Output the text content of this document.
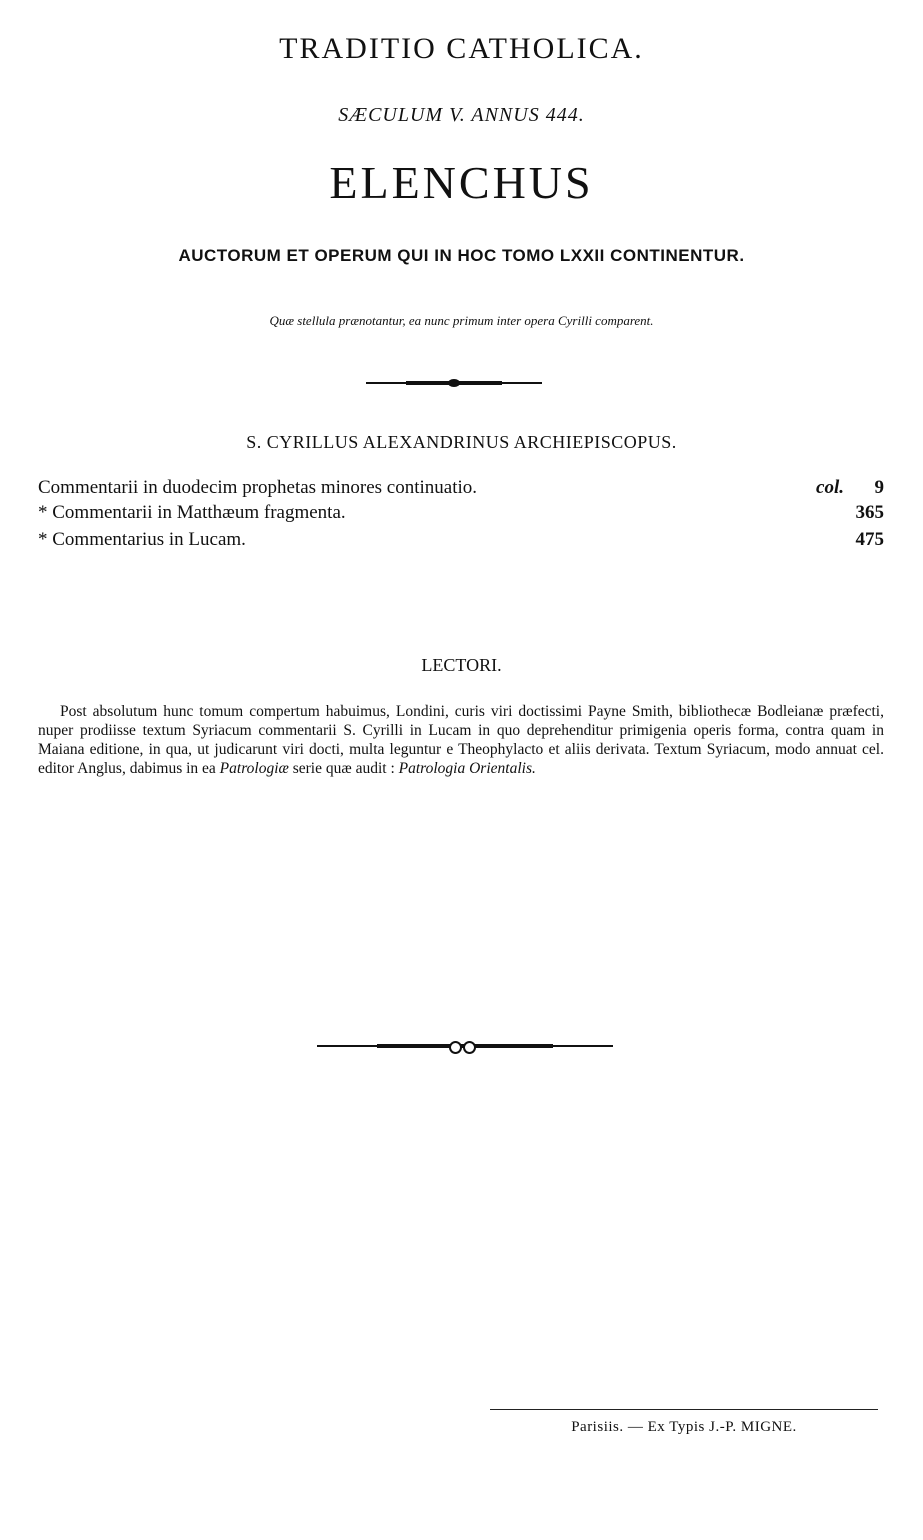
TRADITIO CATHOLICA.
SÆCULUM V. ANNUS 444.
ELENCHUS
AUCTORUM ET OPERUM QUI IN HOC TOMO LXXII CONTINENTUR.
Quæ stellula prænotantur, ea nunc primum inter opera Cyrilli comparent.
S. CYRILLUS ALEXANDRINUS ARCHIEPISCOPUS.
Commentarii in duodecim prophetas minores continuatio.	col. 9
* Commentarii in Matthæum fragmenta.	365
* Commentarius in Lucam.	475
LECTORI.
Post absolutum hunc tomum compertum habuimus, Londini, curis viri doctissimi Payne Smith, bibliothecæ Bodleianæ præfecti, nuper prodiisse textum Syriacum commentarii S. Cyrilli in Lucam in quo deprehenditur primigenia operis forma, contra quam in Maiana editione, in qua, ut judicarunt viri docti, multa leguntur e Theophylacto et aliis derivata. Textum Syriacum, modo annuat cel. editor Anglus, dabimus in ea Patrologiæ serie quæ audit : Patrologia Orientalis.
Parisiis. — Ex Typis J.-P. MIGNE.
